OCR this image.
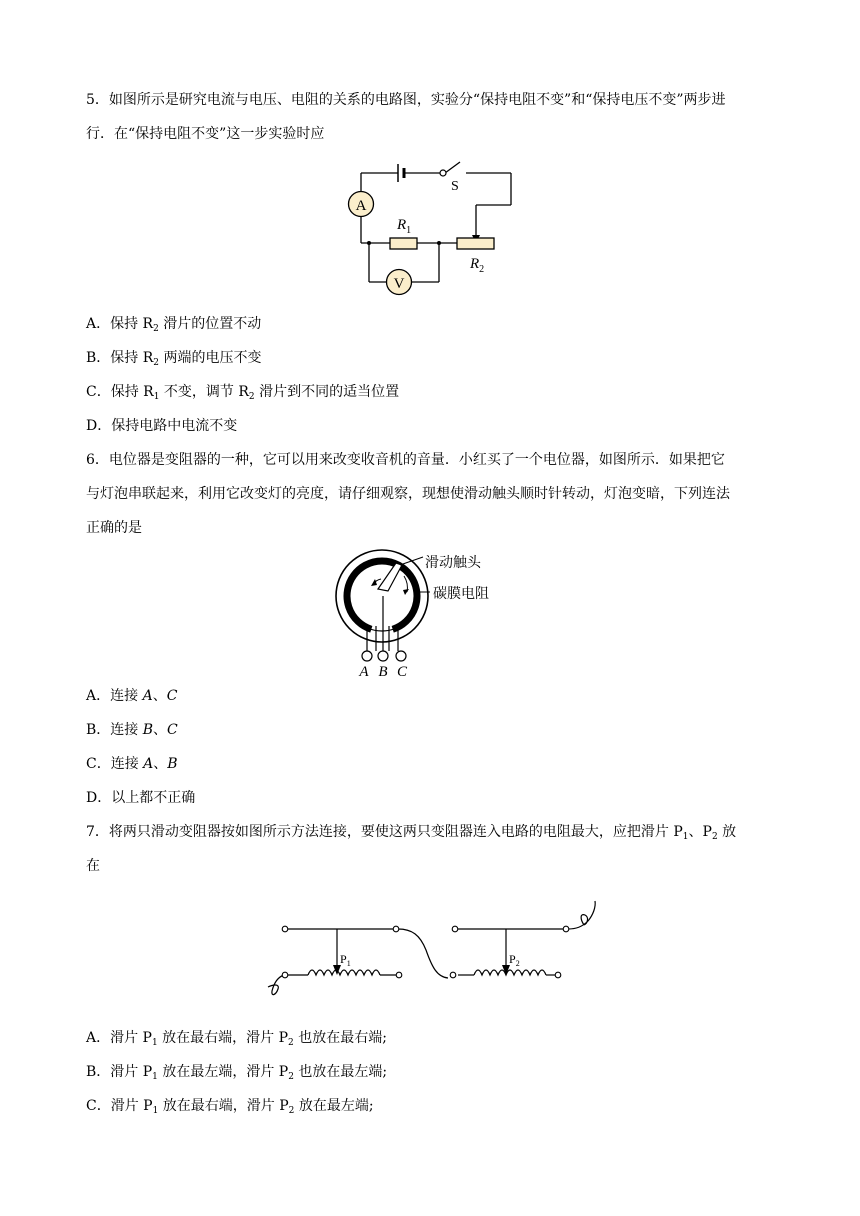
5．如图所示是研究电流与电压、电阻的关系的电路图，实验分“保持电阻不变”和“保持电压不变”两步进
行．在“保持电阻不变”这一步实验时应
A
$R_1$
$R_2$
V
S
A．保持 $R_2$ 滑片的位置不动
B．保持 $R_2$ 两端的电压不变
C．保持 $R_1$ 不变，调节 $R_2$ 滑片到不同的适当位置
D．保持电路中电流不变
6．电位器是变阻器的一种，它可以用来改变收音机的音量．小红买了一个电位器，如图所示．如果把它
与灯泡串联起来，利用它改变灯的亮度，请仔细观察，现想使滑动触头顺时针转动，灯泡变暗，下列连法
正确的是
A B C
滑动触头
碳膜电阻
A．连接 A、C
B．连接 B、C
C．连接 A、B
D．以上都不正确
7．将两只滑动变阻器按如图所示方法连接，要使这两只变阻器连入电路的电阻最大，应把滑片 $P_1$、$P_2$ 放
在
$P_1$	$P_2$
A．滑片 $P_1$ 放在最右端，滑片 $P_2$ 也放在最右端;
B．滑片 $P_1$ 放在最左端，滑片 $P_2$ 也放在最左端;
C．滑片 $P_1$ 放在最右端，滑片 $P_2$ 放在最左端;
